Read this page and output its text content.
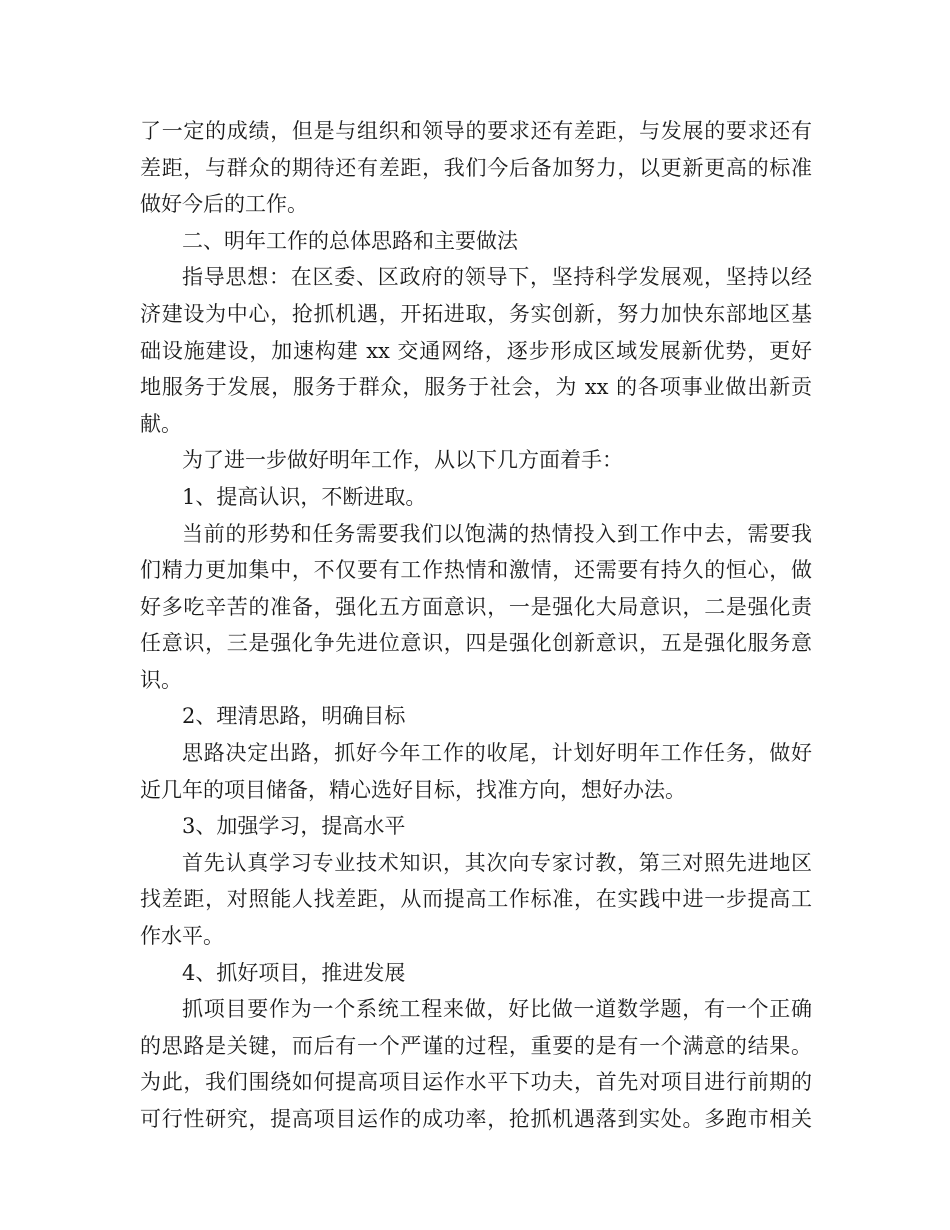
了一定的成绩，但是与组织和领导的要求还有差距，与发展的要求还有
差距，与群众的期待还有差距，我们今后备加努力，以更新更高的标准
做好今后的工作。
二、明年工作的总体思路和主要做法
指导思想：在区委、区政府的领导下，坚持科学发展观，坚持以经
济建设为中心，抢抓机遇，开拓进取，务实创新，努力加快东部地区基
础设施建设，加速构建 xx 交通网络，逐步形成区域发展新优势，更好
地服务于发展，服务于群众，服务于社会，为 xx 的各项事业做出新贡
献。
为了进一步做好明年工作，从以下几方面着手：
1、提高认识，不断进取。
当前的形势和任务需要我们以饱满的热情投入到工作中去，需要我
们精力更加集中，不仅要有工作热情和激情，还需要有持久的恒心，做
好多吃辛苦的准备，强化五方面意识，一是强化大局意识，二是强化责
任意识，三是强化争先进位意识，四是强化创新意识，五是强化服务意
识。
2、理清思路，明确目标
思路决定出路，抓好今年工作的收尾，计划好明年工作任务，做好
近几年的项目储备，精心选好目标，找准方向，想好办法。
3、加强学习，提高水平
首先认真学习专业技术知识，其次向专家讨教，第三对照先进地区
找差距，对照能人找差距，从而提高工作标准，在实践中进一步提高工
作水平。
4、抓好项目，推进发展
抓项目要作为一个系统工程来做，好比做一道数学题，有一个正确
的思路是关键，而后有一个严谨的过程，重要的是有一个满意的结果。
为此，我们围绕如何提高项目运作水平下功夫，首先对项目进行前期的
可行性研究，提高项目运作的成功率，抢抓机遇落到实处。多跑市相关
